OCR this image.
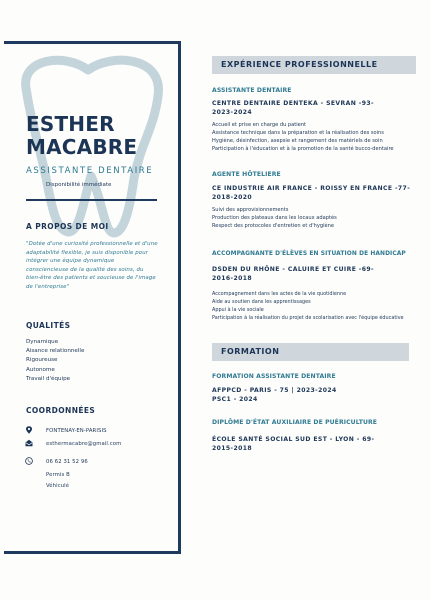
ESTHER
MACABRE
ASSISTANTE DENTAIRE
Disponibilité immédiate
A PROPOS DE MOI
"Dotée d'une curiosité professionnelle et d'une adaptabilité flexible, je suis disponible pour intégrer une équipe dynamique consciencieuse de la qualité des soins, du bien-être des patients et soucieuse de l'image de l'entreprise"
QUALITÉS
Dynamique
Aisance relationnelle
Rigoureuse
Autonome
Travail d'équipe
COORDONNÉES
FONTENAY-EN-PARISIS
esthermacabre@gmail.com
06 62 31 52 96
Permis B
Véhiculé
EXPÉRIENCE PROFESSIONNELLE
ASSISTANTE DENTAIRE
CENTRE DENTAIRE DENTEKA - SEVRAN -93-
2023-2024
Accueil et prise en charge du patient
Assistance technique dans la préparation et la réalisation des soins
Hygiène, désinfection, asepsie et rangement des matériels de soin
Participation à l'éducation et à la promotion de la santé bucco-dentaire
AGENTE HÔTELIERE
CE INDUSTRIE AIR FRANCE - ROISSY EN FRANCE -77-
2018-2020
Suivi des approvisionnements
Production des plateaux dans les locaux adaptés
Respect des protocoles d'entretien et d'hygiène
ACCOMPAGNANTE D'ÉLÈVES EN SITUATION DE HANDICAP
DSDEN DU RHÔNE - CALUIRE ET CUIRE -69-
2016-2018
Accompagnement dans les actes de la vie quotidienne
Aide au soutien dans les apprentissages
Appui à la vie sociale
Participation à la réalisation du projet de scolarisation avec l'équipe éducative
FORMATION
FORMATION ASSISTANTE DENTAIRE
AFPPCD - PARIS - 75 | 2023-2024
PSC1 - 2024
DIPLÔME D'ÉTAT AUXILIAIRE DE PUÉRICULTURE
ÉCOLE SANTÉ SOCIAL SUD EST - LYON - 69-
2015-2018
